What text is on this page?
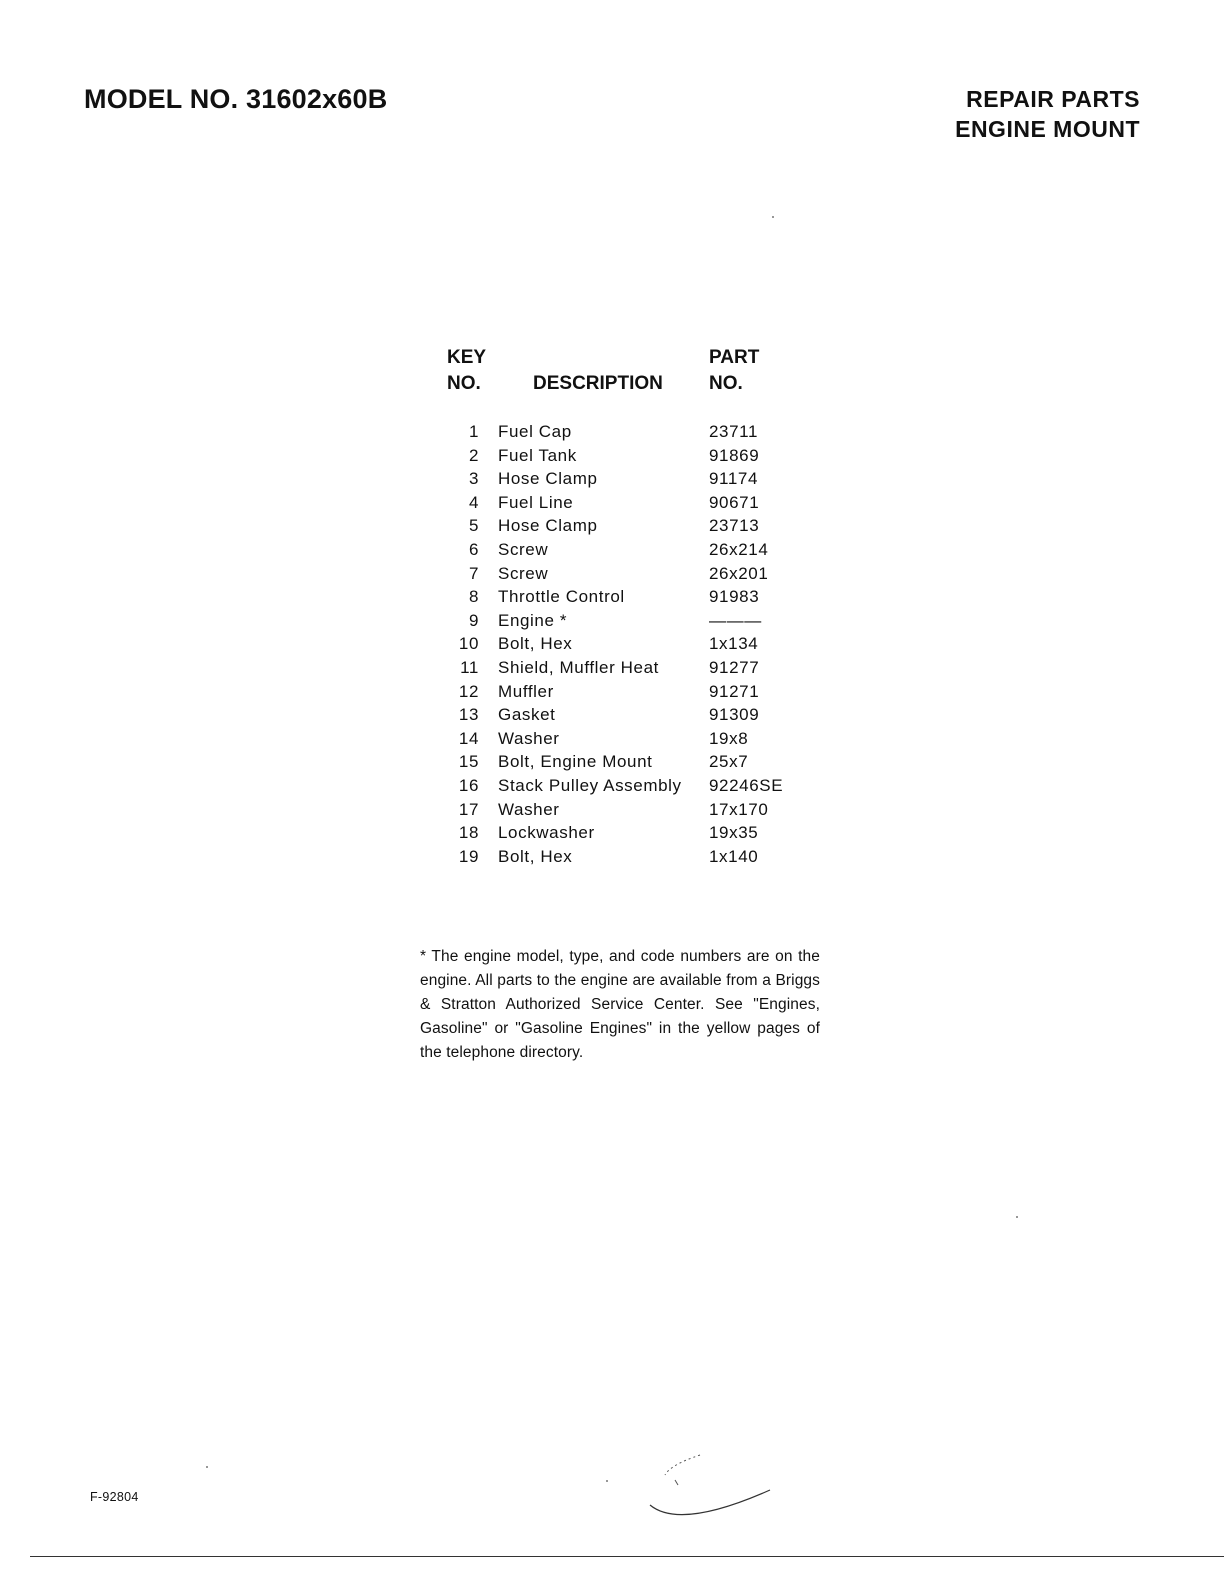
MODEL NO. 31602x60B	REPAIR PARTS
ENGINE MOUNT
KEY
NO.	DESCRIPTION
PART
NO.
1 Fuel Cap	23711
2 Fuel Tank	91869
3 Hose Clamp	91174
4 Fuel Line	90671
5 Hose Clamp	23713
6 Screw	26x214
7 Screw	26x201
8 Throttle Control	91983
9 Engine *	———
10 Bolt, Hex	1x134
11 Shield, Muffler Heat	91277
12 Muffler	91271
13 Gasket	91309
14 Washer	19x8
15 Bolt, Engine Mount	25x7
16 Stack Pulley Assembly 92246SE
17 Washer	17x170
18 Lockwasher	19x35
19 Bolt, Hex	1x140
* The engine model, type, and code numbers are on the engine. All parts to the engine are available from a Briggs & Stratton Authorized Service Center. See "Engines, Gasoline" or "Gasoline Engines" in the yellow pages of the telephone directory.
F-92804
